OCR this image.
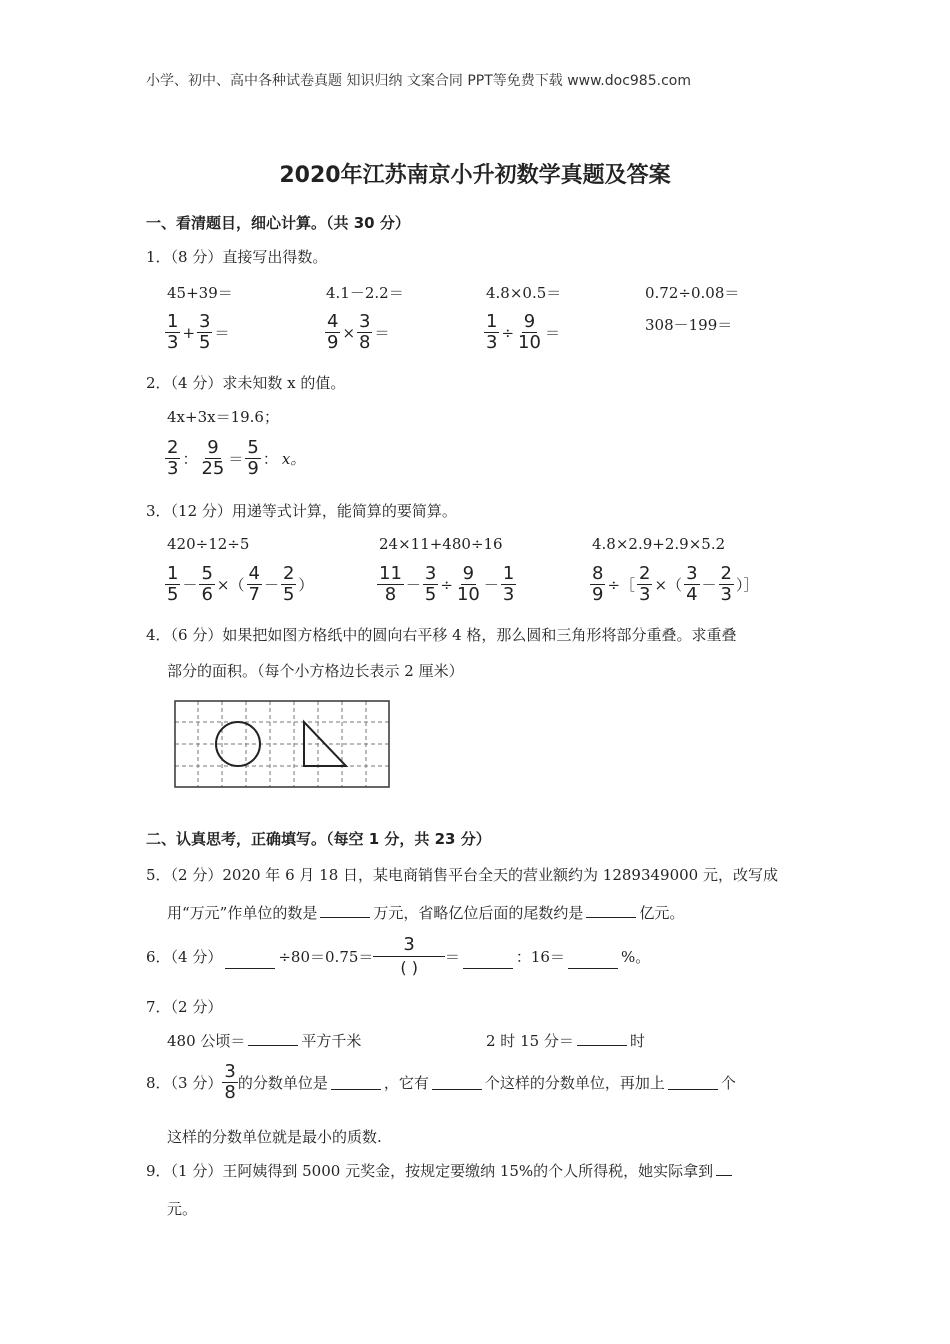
小学、初中、高中各种试卷真题 知识归纳 文案合同 PPT等免费下载 www.doc985.com
2020年江苏南京小升初数学真题及答案
一、看清题目，细心计算。（共 30 分）
1．（8 分）直接写出得数。
45+39＝	4.1－2.2＝	4.8×0.5＝	0.72÷0.08＝
$\frac{1}{3} + \frac{3}{5}$ ＝	$\frac{4}{9} \times \frac{3}{8}$ ＝	$\frac{1}{3} \div \frac{9}{10}$ ＝	308－199＝
2．（4 分）求未知数 x 的值。
4x+3x＝19.6；
$\frac{2}{3}$ ： $\frac{9}{25} = \frac{5}{9}$ ： x。
3．（12 分）用递等式计算，能简算的要简算。
420÷12÷5	24×11+480÷16	4.8×2.9+2.9×5.2
$\frac{1}{5} - \frac{5}{6}$ ×（ $\frac{4}{7} - \frac{2}{5}$ ）	$\frac{11}{8} - \frac{3}{5} \div \frac{9}{10} - \frac{1}{3}$	$\frac{8}{9}$ ÷［ $\frac{2}{3}$ ×（ $\frac{3}{4} - \frac{2}{3}$ ）］
4．（6 分）如果把如图方格纸中的圆向右平移 4 格，那么圆和三角形将部分重叠。求重叠
部分的面积。（每个小方格边长表示 2 厘米）
二、认真思考，正确填写。（每空 1 分，共 23 分）
5．（2 分）2020 年 6 月 18 日，某电商销售平台全天的营业额约为 1289349000 元，改写成
用“万元”作单位的数是	万元，省略亿位后面的尾数约是	亿元。
6．（4 分）	÷80＝0.75＝
3
( )
＝	：16＝	%。
7．（2 分）
480 公顷＝	平方千米	2 时 15 分＝	时
8．（3 分） $\frac{3}{8}$ 的分数单位是	，它有	个这样的分数单位，再加上	个
这样的分数单位就是最小的质数.
9．（1 分）王阿姨得到 5000 元奖金，按规定要缴纳 15%的个人所得税，她实际拿到
元。
